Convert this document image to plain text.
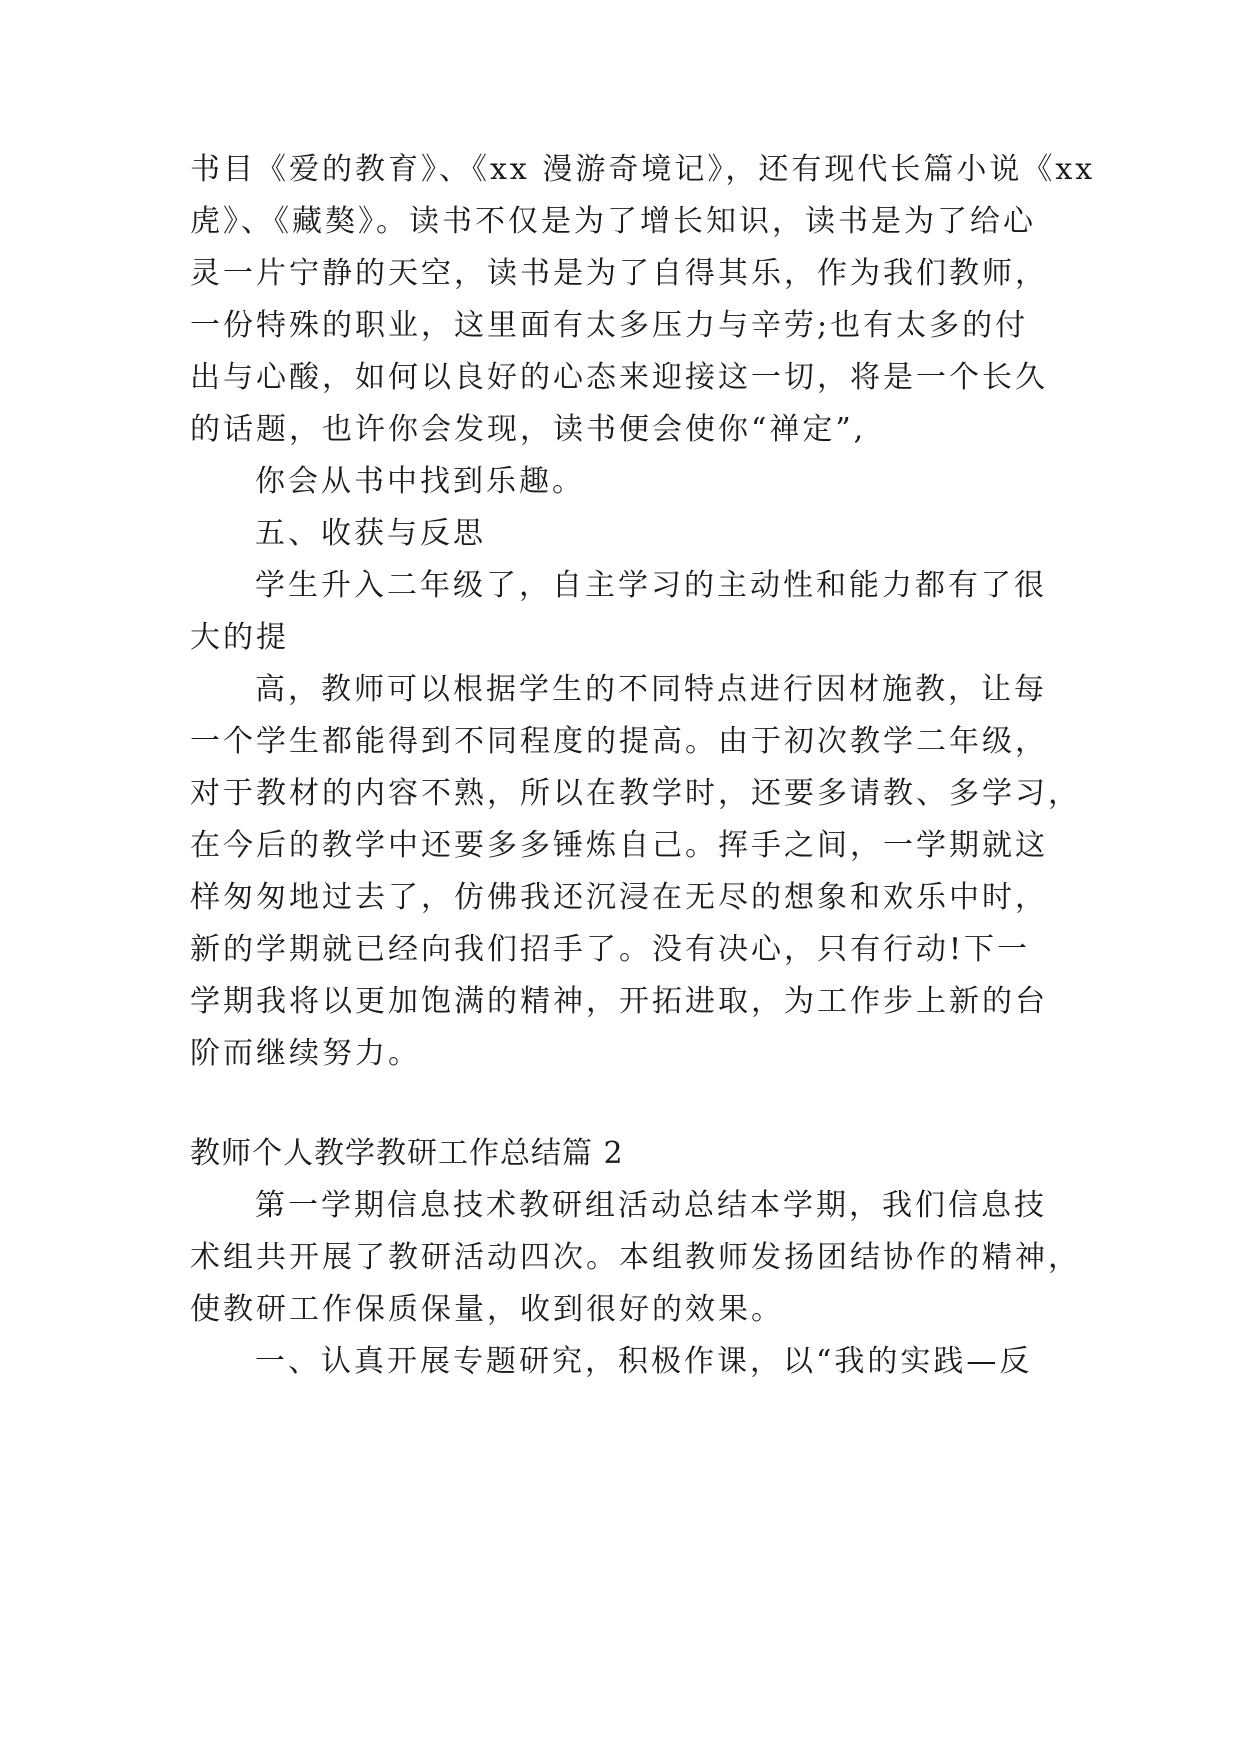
书目《爱的教育》、《xx 漫游奇境记》，还有现代长篇小说《xx

虎》、《藏獒》。读书不仅是为了增长知识，读书是为了给心

灵一片宁静的天空，读书是为了自得其乐，作为我们教师，

一份特殊的职业，这里面有太多压力与辛劳;也有太多的付

出与心酸，如何以良好的心态来迎接这一切，将是一个长久

的话题，也许你会发现，读书便会使你“禅定”,

你会从书中找到乐趣。

五、收获与反思

学生升入二年级了，自主学习的主动性和能力都有了很

大的提

高，教师可以根据学生的不同特点进行因材施教，让每

一个学生都能得到不同程度的提高。由于初次教学二年级，

对于教材的内容不熟，所以在教学时，还要多请教、多学习，

在今后的教学中还要多多锤炼自己。挥手之间，一学期就这

样匆匆地过去了，仿佛我还沉浸在无尽的想象和欢乐中时，

新的学期就已经向我们招手了。没有决心，只有行动!下一

学期我将以更加饱满的精神，开拓进取，为工作步上新的台

阶而继续努力。

教师个人教学教研工作总结篇 2

第一学期信息技术教研组活动总结本学期，我们信息技

术组共开展了教研活动四次。本组教师发扬团结协作的精神，

使教研工作保质保量，收到很好的效果。

一、认真开展专题研究，积极作课，以“我的实践—反
